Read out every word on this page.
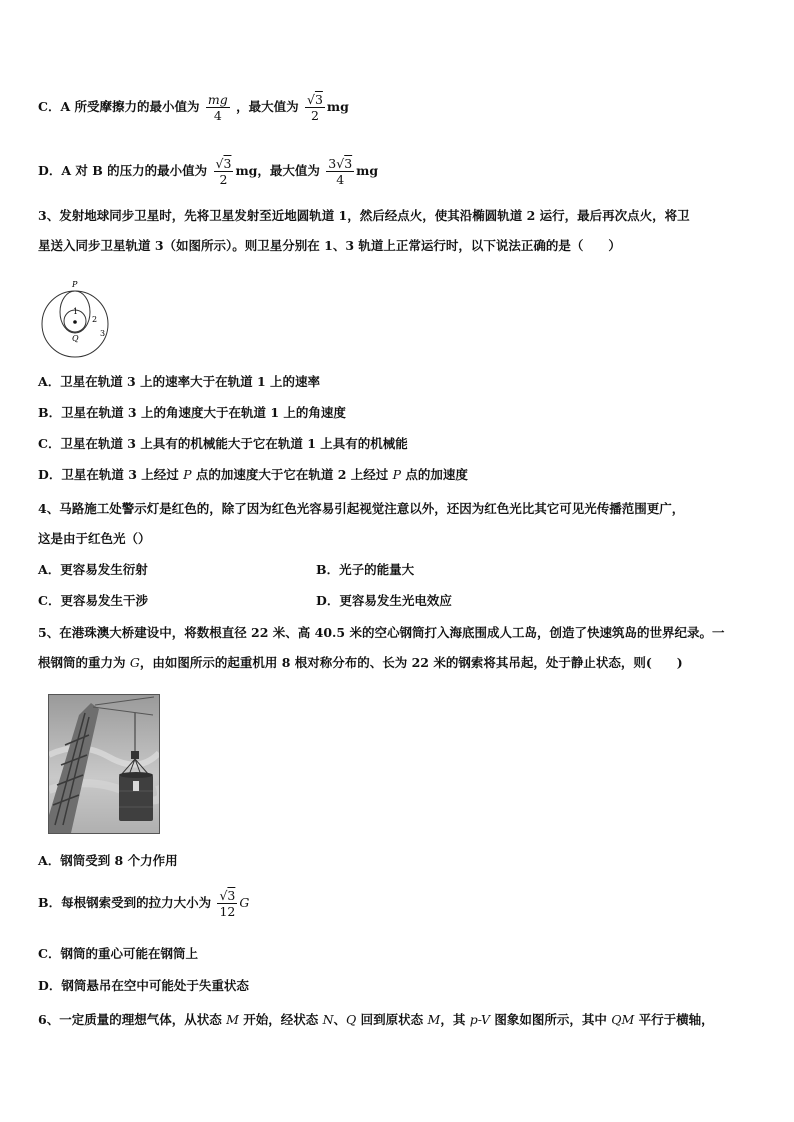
C．A 所受摩擦力的最小值为 $\frac{mg}{4}$ ，最大值为 $\frac{√3}{2}$ mg
D．A 对 B 的压力的最小值为 $\frac{√3}{2}$ mg，最大值为 $\frac{3√3}{4}$ mg
3、发射地球同步卫星时，先将卫星发射至近地圆轨道 1，然后经点火，使其沿椭圆轨道 2 运行，最后再次点火，将卫
星送入同步卫星轨道 3（如图所示）。则卫星分别在 1、3 轨道上正常运行时，以下说法正确的是（　　）
P
1
Q
2
3
A．卫星在轨道 3 上的速率大于在轨道 1 上的速率
B．卫星在轨道 3 上的角速度大于在轨道 1 上的角速度
C．卫星在轨道 3 上具有的机械能大于它在轨道 1 上具有的机械能
D．卫星在轨道 3 上经过 P 点的加速度大于它在轨道 2 上经过 P 点的加速度
4、马路施工处警示灯是红色的，除了因为红色光容易引起视觉注意以外，还因为红色光比其它可见光传播范围更广，
这是由于红色光（）
A．更容易发生衍射	B．光子的能量大
C．更容易发生干涉	D．更容易发生光电效应
5、在港珠澳大桥建设中，将数根直径 22 米、高 40.5 米的空心钢筒打入海底围成人工岛，创造了快速筑岛的世界纪录。一
根钢筒的重力为 G，由如图所示的起重机用 8 根对称分布的、长为 22 米的钢索将其吊起，处于静止状态，则(　　)
A．钢筒受到 8 个力作用
B．每根钢索受到的拉力大小为 $\frac{√3}{12}$ G
C．钢筒的重心可能在钢筒上
D．钢筒悬吊在空中可能处于失重状态
6、一定质量的理想气体，从状态 M 开始，经状态 N、Q 回到原状态 M，其 p-V 图象如图所示，其中 QM 平行于横轴，
